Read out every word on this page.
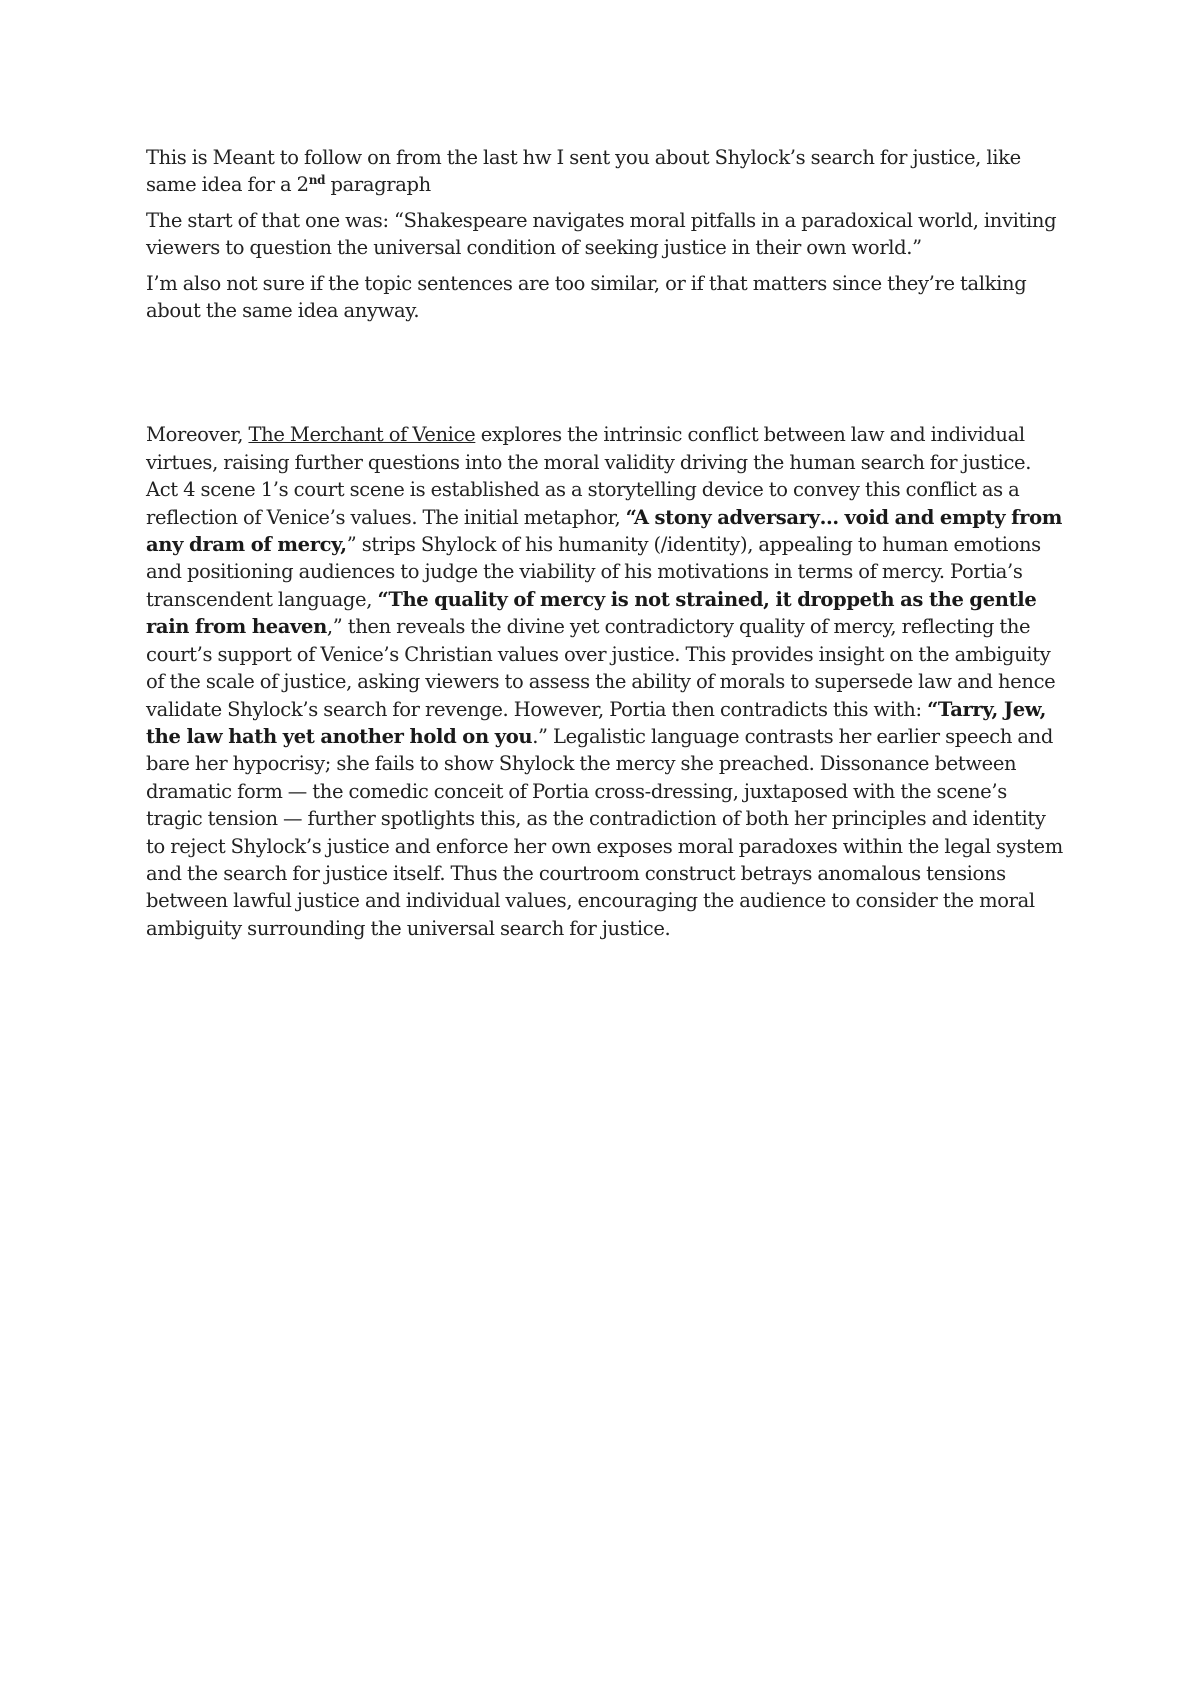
This is Meant to follow on from the last hw I sent you about Shylock’s search for justice, like same idea for a 2nd paragraph

The start of that one was: “Shakespeare navigates moral pitfalls in a paradoxical world, inviting viewers to question the universal condition of seeking justice in their own world.”

I’m also not sure if the topic sentences are too similar, or if that matters since they’re talking about the same idea anyway.

Moreover, The Merchant of Venice explores the intrinsic conflict between law and individual virtues, raising further questions into the moral validity driving the human search for justice. Act 4 scene 1’s court scene is established as a storytelling device to convey this conflict as a reflection of Venice’s values. The initial metaphor, “A stony adversary… void and empty from any dram of mercy,” strips Shylock of his humanity (/identity), appealing to human emotions and positioning audiences to judge the viability of his motivations in terms of mercy. Portia’s transcendent language, “The quality of mercy is not strained, it droppeth as the gentle rain from heaven,” then reveals the divine yet contradictory quality of mercy, reflecting the court’s support of Venice’s Christian values over justice. This provides insight on the ambiguity of the scale of justice, asking viewers to assess the ability of morals to supersede law and hence validate Shylock’s search for revenge. However, Portia then contradicts this with: “Tarry, Jew, the law hath yet another hold on you.” Legalistic language contrasts her earlier speech and bare her hypocrisy; she fails to show Shylock the mercy she preached. Dissonance between dramatic form — the comedic conceit of Portia cross-dressing, juxtaposed with the scene’s tragic tension — further spotlights this, as the contradiction of both her principles and identity to reject Shylock’s justice and enforce her own exposes moral paradoxes within the legal system and the search for justice itself. Thus the courtroom construct betrays anomalous tensions between lawful justice and individual values, encouraging the audience to consider the moral ambiguity surrounding the universal search for justice.
